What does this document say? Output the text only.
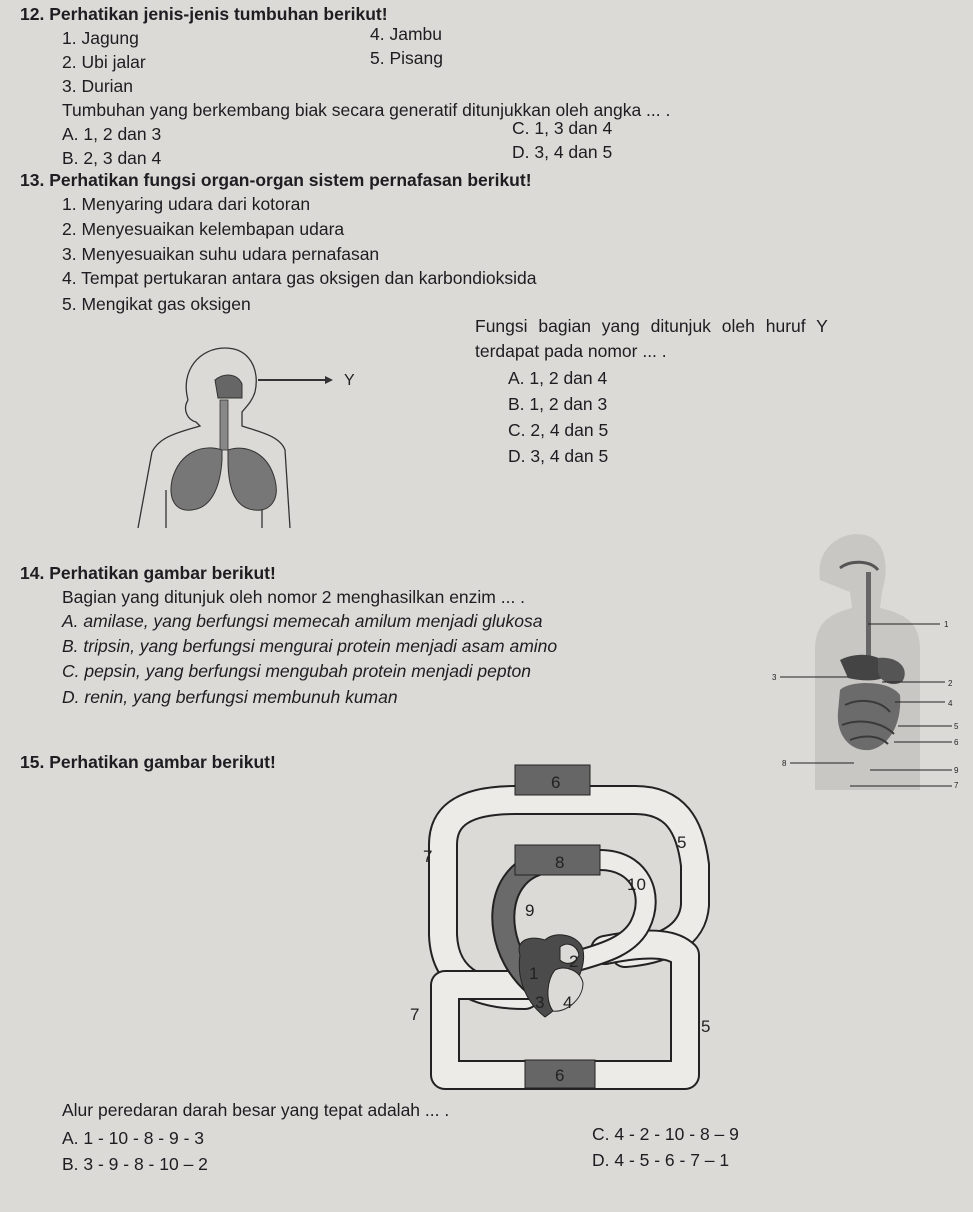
12. Perhatikan jenis-jenis tumbuhan berikut!
1. Jagung
2. Ubi jalar
3. Durian
4. Jambu
5. Pisang
Tumbuhan yang berkembang biak secara generatif ditunjukkan oleh angka ... .
A. 1, 2 dan 3
B. 2, 3 dan 4
C. 1, 3 dan 4
D. 3, 4 dan 5
13. Perhatikan fungsi organ-organ sistem pernafasan berikut!
1. Menyaring udara dari kotoran
2. Menyesuaikan kelembapan udara
3. Menyesuaikan suhu udara pernafasan
4. Tempat pertukaran antara gas oksigen dan karbondioksida
5. Mengikat gas oksigen
Fungsi bagian yang ditunjuk oleh huruf Y
terdapat pada nomor ... .
A. 1, 2 dan 4
B. 1, 2 dan 3
C. 2, 4 dan 5
D. 3, 4 dan 5
Y
14. Perhatikan gambar berikut!
Bagian yang ditunjuk oleh nomor 2 menghasilkan enzim ... .
A. amilase, yang berfungsi memecah amilum menjadi glukosa
B. tripsin, yang berfungsi mengurai protein menjadi asam amino
C. pepsin, yang berfungsi mengubah protein menjadi pepton
D. renin, yang berfungsi membunuh kuman
1
2
3
4
5
7
6
8
9
15. Perhatikan gambar berikut!
6
7	8
5
10
9
2
1
3 4
7
5
6
Alur peredaran darah besar yang tepat adalah ... .
A. 1 - 10 - 8 - 9 - 3
B. 3 - 9 - 8 - 10 – 2
C. 4 - 2 - 10 - 8 – 9
D. 4 - 5 - 6 - 7 – 1
